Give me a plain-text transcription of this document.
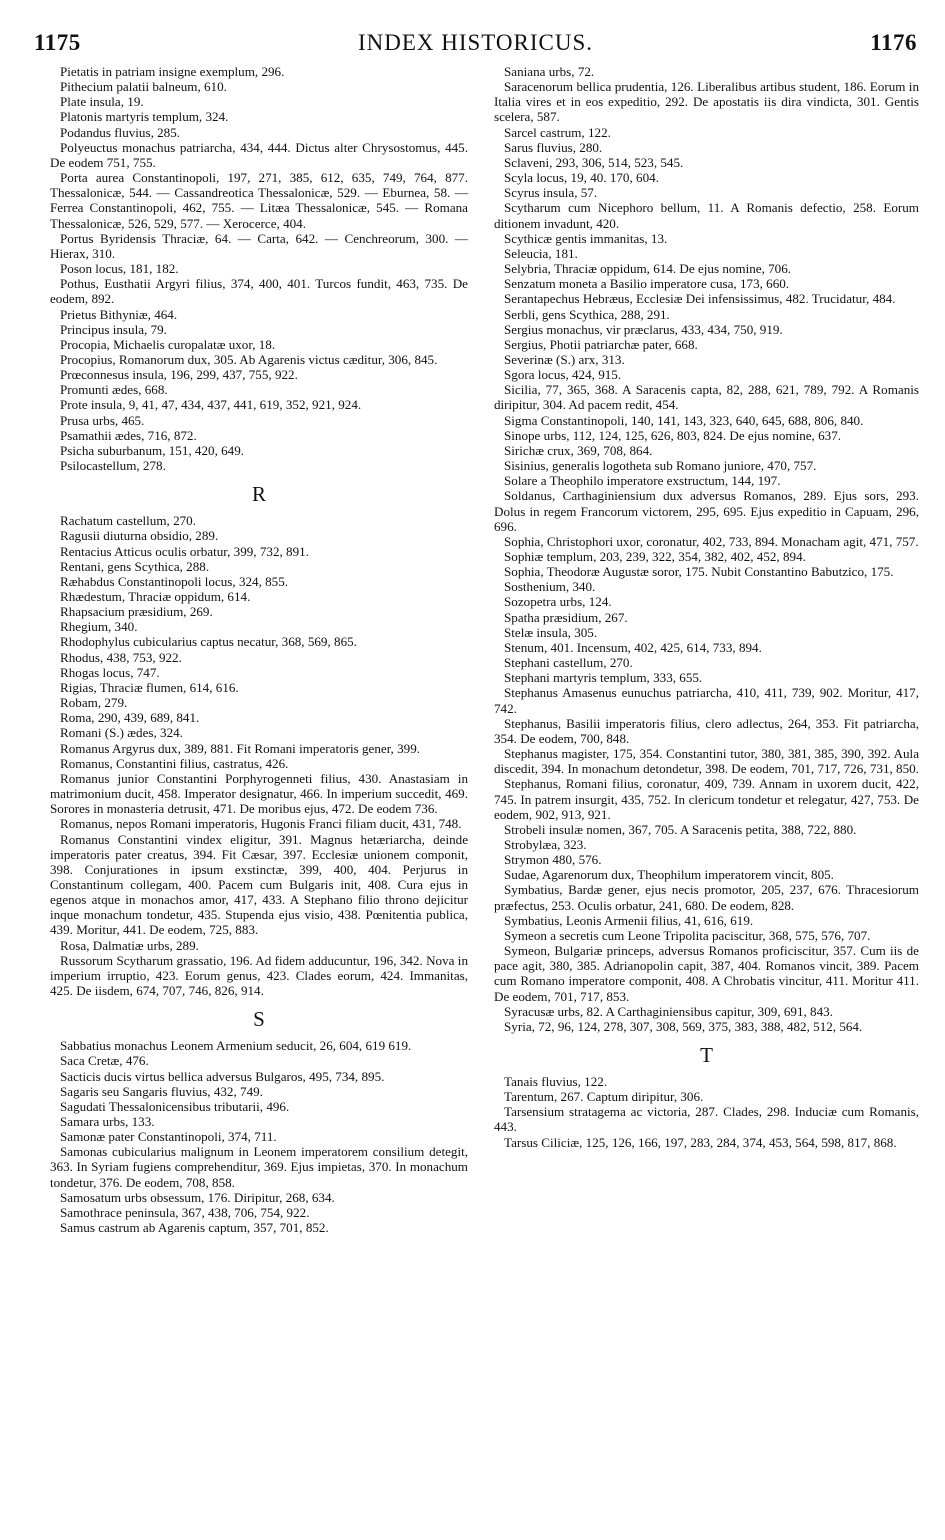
1175	INDEX HISTORICUS.	1176
Pietatis in patriam insigne exemplum, 296.
Pithecium palatii balneum, 610.
Plate insula, 19.
Platonis martyris templum, 324.
Podandus fluvius, 285.
Polyeuctus monachus patriarcha, 434, 444. Dictus alter Chrysostomus, 445. De eodem 751, 755.
Porta aurea Constantinopoli, 197, 271, 385, 612, 635, 749, 764, 877. Thessalonicæ, 544. — Cassandreotica Thessalonicæ, 529. — Eburnea, 58. — Ferrea Constantinopoli, 462, 755. — Litæa Thessalonicæ, 545. — Romana Thessalonicæ, 526, 529, 577. — Xerocerce, 404.
Portus Byridensis Thraciæ, 64. — Carta, 642. — Cenchreorum, 300. — Hierax, 310.
Poson locus, 181, 182.
Pothus, Eusthatii Argyri filius, 374, 400, 401. Turcos fundit, 463, 735. De eodem, 892.
Prietus Bithyniæ, 464.
Principus insula, 79.
Procopia, Michaelis curopalatæ uxor, 18.
Procopius, Romanorum dux, 305. Ab Agarenis victus cæditur, 306, 845.
Prœconnesus insula, 196, 299, 437, 755, 922.
Promunti ædes, 668.
Prote insula, 9, 41, 47, 434, 437, 441, 619, 352, 921, 924.
Prusa urbs, 465.
Psamathii ædes, 716, 872.
Psicha suburbanum, 151, 420, 649.
Psilocastellum, 278.
R
Rachatum castellum, 270.
Ragusii diuturna obsidio, 289.
Rentacius Atticus oculis orbatur, 399, 732, 891.
Rentani, gens Scythica, 288.
Ræhabdus Constantinopoli locus, 324, 855.
Rhædestum, Thraciæ oppidum, 614.
Rhapsacium præsidium, 269.
Rhegium, 340.
Rhodophylus cubicularius captus necatur, 368, 569, 865.
Rhodus, 438, 753, 922.
Rhogas locus, 747.
Rigias, Thraciæ flumen, 614, 616.
Robam, 279.
Roma, 290, 439, 689, 841.
Romani (S.) ædes, 324.
Romanus Argyrus dux, 389, 881. Fit Romani imperatoris gener, 399.
Romanus, Constantini filius, castratus, 426.
Romanus junior Constantini Porphyrogenneti filius, 430. Anastasiam in matrimonium ducit, 458. Imperator designatur, 466. In imperium succedit, 469. Sorores in monasteria detrusit, 471. De moribus ejus, 472. De eodem 736.
Romanus, nepos Romani imperatoris, Hugonis Franci filiam ducit, 431, 748.
Romanus Constantini vindex eligitur, 391. Magnus hetæriarcha, deinde imperatoris pater creatus, 394. Fit Cæsar, 397. Ecclesiæ unionem componit, 398. Conjurationes in ipsum exstinctæ, 399, 400, 404. Perjurus in Constantinum collegam, 400. Pacem cum Bulgaris init, 408. Cura ejus in egenos atque in monachos amor, 417, 433. A Stephano filio throno dejicitur inque monachum tondetur, 435. Stupenda ejus visio, 438. Pœnitentia publica, 439. Moritur, 441. De eodem, 725, 883.
Rosa, Dalmatiæ urbs, 289.
Russorum Scytharum grassatio, 196. Ad fidem adducuntur, 196, 342. Nova in imperium irruptio, 423. Eorum genus, 423. Clades eorum, 424. Immanitas, 425. De iisdem, 674, 707, 746, 826, 914.
S
Sabbatius monachus Leonem Armenium seducit, 26, 604, 619 619.
Saca Cretæ, 476.
Sacticis ducis virtus bellica adversus Bulgaros, 495, 734, 895.
Sagaris seu Sangaris fluvius, 432, 749.
Sagudati Thessalonicensibus tributarii, 496.
Samara urbs, 133.
Samonæ pater Constantinopoli, 374, 711.
Samonas cubicularius malignum in Leonem imperatorem consilium detegit, 363. In Syriam fugiens comprehenditur, 369. Ejus impietas, 370. In monachum tondetur, 376. De eodem, 708, 858.
Samosatum urbs obsessum, 176. Diripitur, 268, 634.
Samothrace peninsula, 367, 438, 706, 754, 922.
Samus castrum ab Agarenis captum, 357, 701, 852.
Saniana urbs, 72.
Saracenorum bellica prudentia, 126. Liberalibus artibus student, 186. Eorum in Italia vires et in eos expeditio, 292. De apostatis iis dira vindicta, 301. Gentis scelera, 587.
Sarcel castrum, 122.
Sarus fluvius, 280.
Sclaveni, 293, 306, 514, 523, 545.
Scyla locus, 19, 40. 170, 604.
Scyrus insula, 57.
Scytharum cum Nicephoro bellum, 11. A Romanis defectio, 258. Eorum ditionem invadunt, 420.
Scythicæ gentis immanitas, 13.
Seleucia, 181.
Selybria, Thraciæ oppidum, 614. De ejus nomine, 706.
Senzatum moneta a Basilio imperatore cusa, 173, 660.
Serantapechus Hebræus, Ecclesiæ Dei infensissimus, 482. Trucidatur, 484.
Serbli, gens Scythica, 288, 291.
Sergius monachus, vir præclarus, 433, 434, 750, 919.
Sergius, Photii patriarchæ pater, 668.
Severinæ (S.) arx, 313.
Sgora locus, 424, 915.
Sicilia, 77, 365, 368. A Saracenis capta, 82, 288, 621, 789, 792. A Romanis diripitur, 304. Ad pacem redit, 454.
Sigma Constantinopoli, 140, 141, 143, 323, 640, 645, 688, 806, 840.
Sinope urbs, 112, 124, 125, 626, 803, 824. De ejus nomine, 637.
Sirichæ crux, 369, 708, 864.
Sisinius, generalis logotheta sub Romano juniore, 470, 757.
Solare a Theophilo imperatore exstructum, 144, 197.
Soldanus, Carthaginiensium dux adversus Romanos, 289. Ejus sors, 293. Dolus in regem Francorum victorem, 295, 695. Ejus expeditio in Capuam, 296, 696.
Sophia, Christophori uxor, coronatur, 402, 733, 894. Monacham agit, 471, 757.
Sophiæ templum, 203, 239, 322, 354, 382, 402, 452, 894.
Sophia, Theodoræ Augustæ soror, 175. Nubit Constantino Babutzico, 175.
Sosthenium, 340.
Sozopetra urbs, 124.
Spatha præsidium, 267.
Stelæ insula, 305.
Stenum, 401. Incensum, 402, 425, 614, 733, 894.
Stephani castellum, 270.
Stephani martyris templum, 333, 655.
Stephanus Amasenus eunuchus patriarcha, 410, 411, 739, 902. Moritur, 417, 742.
Stephanus, Basilii imperatoris filius, clero adlectus, 264, 353. Fit patriarcha, 354. De eodem, 700, 848.
Stephanus magister, 175, 354. Constantini tutor, 380, 381, 385, 390, 392. Aula discedit, 394. In monachum detondetur, 398. De eodem, 701, 717, 726, 731, 850.
Stephanus, Romani filius, coronatur, 409, 739. Annam in uxorem ducit, 422, 745. In patrem insurgit, 435, 752. In clericum tondetur et relegatur, 427, 753. De eodem, 902, 913, 921.
Strobeli insulæ nomen, 367, 705. A Saracenis petita, 388, 722, 880.
Strobylæa, 323.
Strymon 480, 576.
Sudae, Agarenorum dux, Theophilum imperatorem vincit, 805.
Symbatius, Bardæ gener, ejus necis promotor, 205, 237, 676. Thracesiorum præfectus, 253. Oculis orbatur, 241, 680. De eodem, 828.
Symbatius, Leonis Armenii filius, 41, 616, 619.
Symeon a secretis cum Leone Tripolita paciscitur, 368, 575, 576, 707.
Symeon, Bulgariæ princeps, adversus Romanos proficiscitur, 357. Cum iis de pace agit, 380, 385. Adrianopolin capit, 387, 404. Romanos vincit, 389. Pacem cum Romano imperatore componit, 408. A Chrobatis vincitur, 411. Moritur 411. De eodem, 701, 717, 853.
Syracusæ urbs, 82. A Carthaginiensibus capitur, 309, 691, 843.
Syria, 72, 96, 124, 278, 307, 308, 569, 375, 383, 388, 482, 512, 564.
T
Tanais fluvius, 122.
Tarentum, 267. Captum diripitur, 306.
Tarsensium stratagema ac victoria, 287. Clades, 298. Induciæ cum Romanis, 443.
Tarsus Ciliciæ, 125, 126, 166, 197, 283, 284, 374, 453, 564, 598, 817, 868.
